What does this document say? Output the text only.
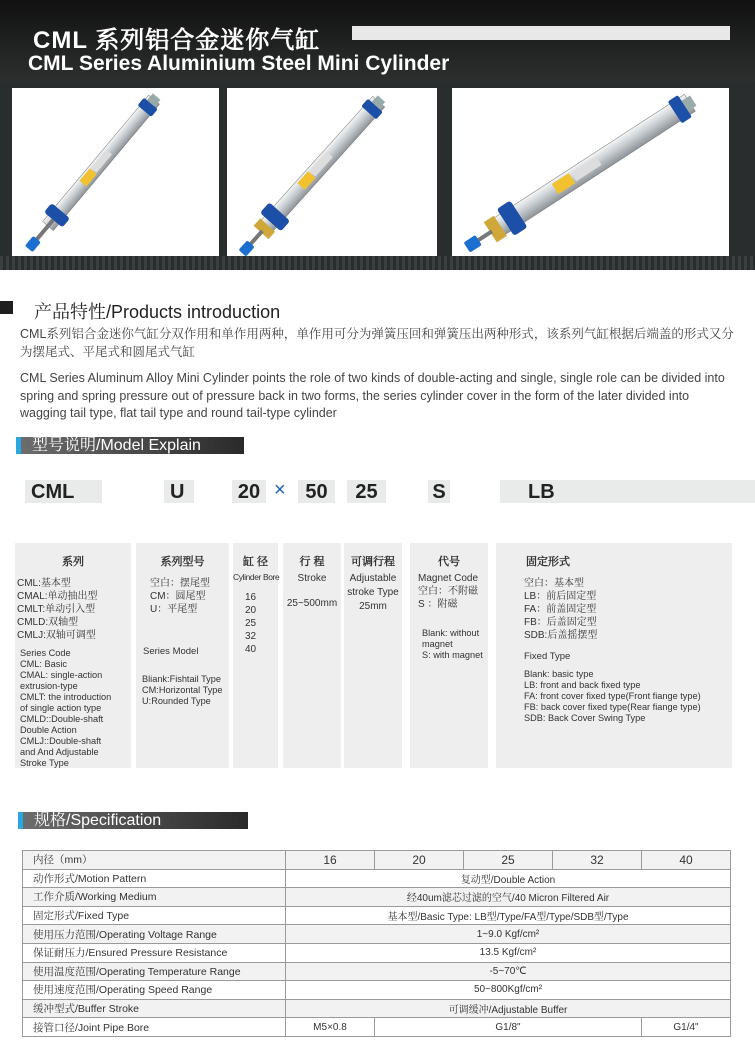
CML 系列铝合金迷你气缸
CML Series Aluminium Steel Mini Cylinder
产品特性/Products introduction
CML系列铝合金迷你气缸分双作用和单作用两种，单作用可分为弹簧压回和弹簧压出两种形式，该系列气缸根据后端盖的形式又分为摆尾式、平尾式和圆尾式气缸
CML Series Aluminum Alloy Mini Cylinder points the role of two kinds of double-acting and single, single role can be divided into spring and spring pressure out of pressure back in two forms, the series cylinder cover in the form of the later divided into wagging tail type, flat tail type and round tail-type cylinder
型号说明/Model Explain
CML	U	20 × 50	25	S	LB
系列
CML:基本型
CMAL:单动抽出型
CMLT:单动引入型
CMLD:双轴型
CMLJ:双轴可调型
Series Code
CML: Basic
CMAL: single-action
extrusion-type
CMLT: the introduction
of single action type
CMLD::Double-shaft
Double Action
CMLJ::Double-shaft
and And Adjustable
Stroke Type
系列型号
空白：摆尾型
CM：圆尾型
U：平尾型
Series Model
Bliank:Fishtail Type
CM:Horizontal Type
U:Rounded Type
缸 径
Cylinder Bore
16
20
25
32
40
行 程
Stroke
25~500mm
可调行程
Adjustable
stroke Type
25mm
代号
Magnet Code
空白：不附磁
S ：附磁
Blank: without
magnet
S: with magnet
固定形式
空白：基本型
LB：前后固定型
FA：前盖固定型
FB：后盖固定型
SDB:后盖摇摆型
Fixed Type
Blank: basic type
LB: front and back fixed type
FA: front cover fixed type(Front fiange type)
FB: back cover fixed type(Rear fiange type)
SDB: Back Cover Swing Type
规格/Specification
内径（mm）	16	20	25	32	40
动作形式/Motion Pattern	复动型/Double Action				
工作介质/Working Medium	经40um滤芯过滤的空气/40 Micron Filtered Air				
固定形式/Fixed Type	基本型/Basic Type: LB型/Type/FA型/Type/SDB型/Type				
使用压力范围/Operating Voltage Range	1~9.0 Kgf/cm²				
保证耐压力/Ensured Pressure Resistance	13.5 Kgf/cm²				
使用温度范围/Operating Temperature Range	-5~70℃				
使用速度范围/Operating Speed Range	50~800Kgf/cm²				
缓冲型式/Buffer Stroke	可调缓冲/Adjustable Buffer				
接管口径/Joint Pipe Bore	M5×0.8	G1/8"			G1/4"
